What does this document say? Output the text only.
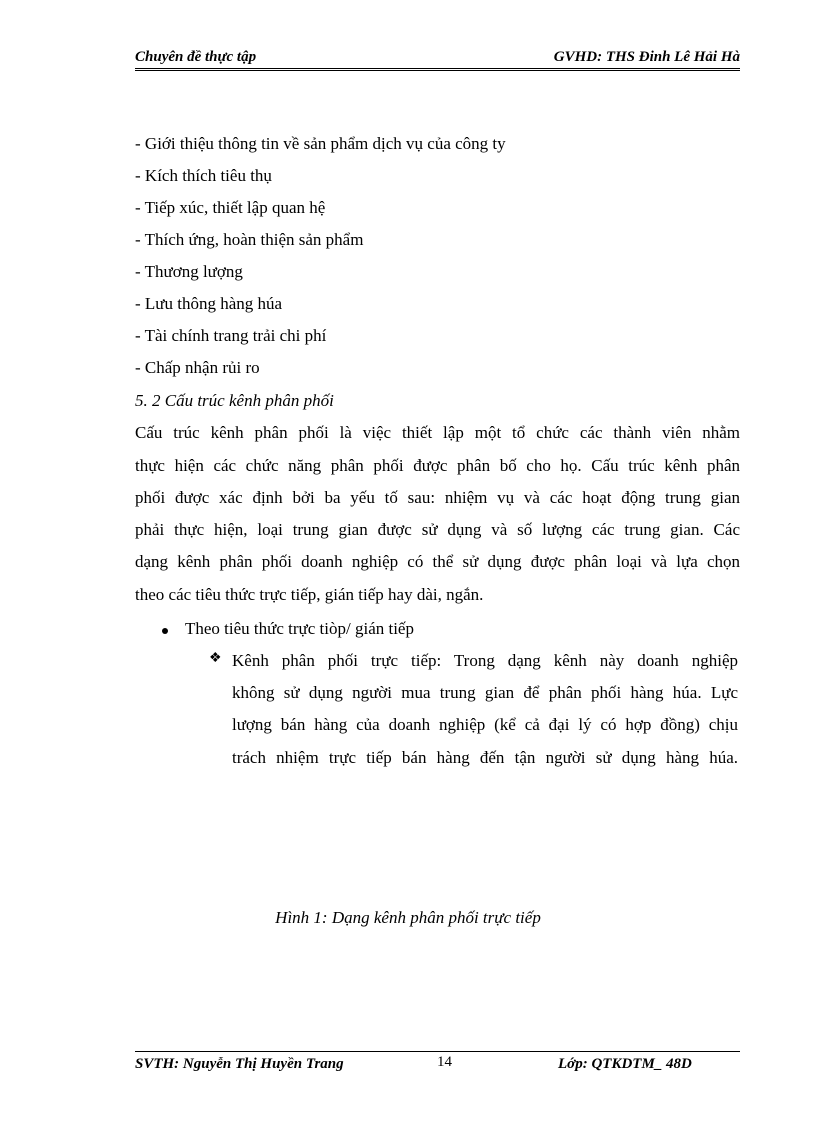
Chuyên đề thực tập	GVHD: THS Đinh Lê Hải Hà
- Giới thiệu thông tin về sản phẩm dịch vụ của công ty
- Kích thích tiêu thụ
- Tiếp xúc, thiết lập quan hệ
- Thích ứng, hoàn thiện sản phẩm
- Thương lượng
- Lưu thông hàng húa
- Tài chính trang trải chi phí
- Chấp nhận rủi ro
5. 2 Cấu trúc kênh phân phối
Cấu trúc kênh phân phối là việc thiết lập một tổ chức các thành viên nhằm
thực hiện các chức năng phân phối được phân bố cho họ. Cấu trúc kênh phân
phối được xác định bởi ba yếu tố sau: nhiệm vụ và các hoạt động trung gian
phải thực hiện, loại trung gian được sử dụng và số lượng các trung gian. Các
dạng kênh phân phối doanh nghiệp có thể sử dụng được phân loại và lựa chọn
theo các tiêu thức trực tiếp, gián tiếp hay dài, ngắn.
Theo tiêu thức trực tiòp/ gián tiếp
❖ Kênh phân phối trực tiếp: Trong dạng kênh này doanh nghiệp
không sử dụng người mua trung gian để phân phối hàng húa. Lực
lượng bán hàng của doanh nghiệp (kể cả đại lý có hợp đồng) chịu
trách nhiệm trực tiếp bán hàng đến tận người sử dụng hàng húa.
Hình 1: Dạng kênh phân phối trực tiếp
SVTH: Nguyễn Thị Huyền Trang	14	Lớp: QTKDTM_ 48D
